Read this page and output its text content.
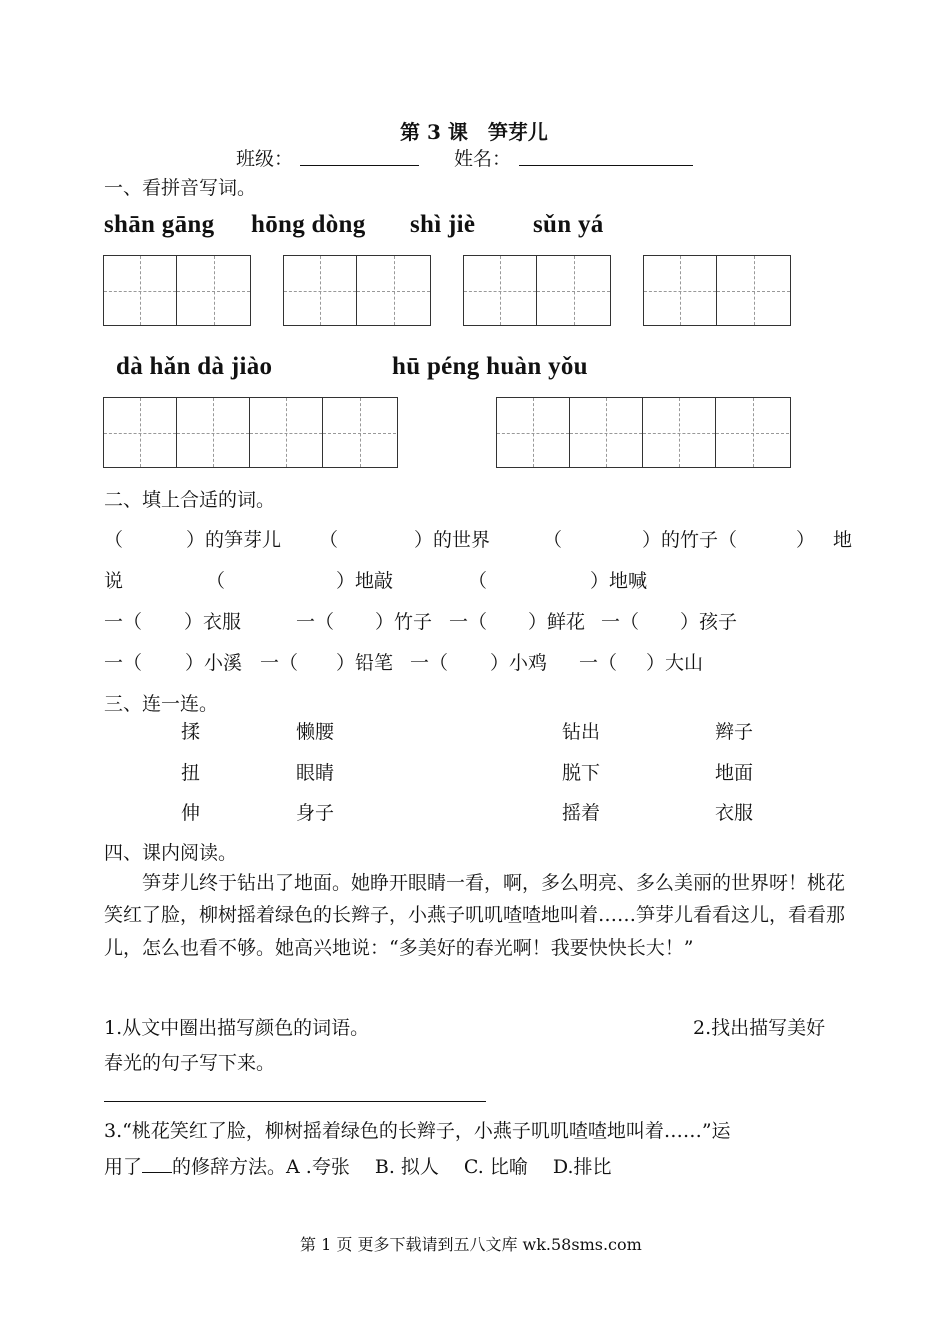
第 3 课　笋芽儿
班级：	姓名：
一、看拼音写词。
shān gāng hōng dòng shì jiè sǔn yá
dà hǎn dà jiào	hū péng huàn yǒu
二、填上合适的词。
（	）的笋芽儿 （	）的世界	（	）的竹子（	） 地
说	（	）地敲	（	）地喊
一（ ）衣服	一（ ）竹子 一（ ）鲜花 一（ ）孩子
一（ ）小溪 一（ ）铅笔 一（ ）小鸡 一（ ）大山
三、连一连。
揉	懒腰	钻出	辫子
扭	眼睛	脱下	地面
伸	身子	摇着	衣服
四、课内阅读。
　　笋芽儿终于钻出了地面。她睁开眼睛一看，啊，多么明亮、多么美丽的世界呀！桃花笑红了脸，柳树摇着绿色的长辫子，小燕子叽叽喳喳地叫着……笋芽儿看看这儿，看看那儿，怎么也看不够。她高兴地说：“多美好的春光啊！我要快快长大！”
1.从文中圈出描写颜色的词语。	2.找出描写美好
春光的句子写下来。
3.“桃花笑红了脸，柳树摇着绿色的长辫子，小燕子叽叽喳喳地叫着……”运
用了 的修辞方法。A .夸张　 B. 拟人　 C. 比喻　 D.排比
第 1 页 更多下载请到五八文库 wk.58sms.com
